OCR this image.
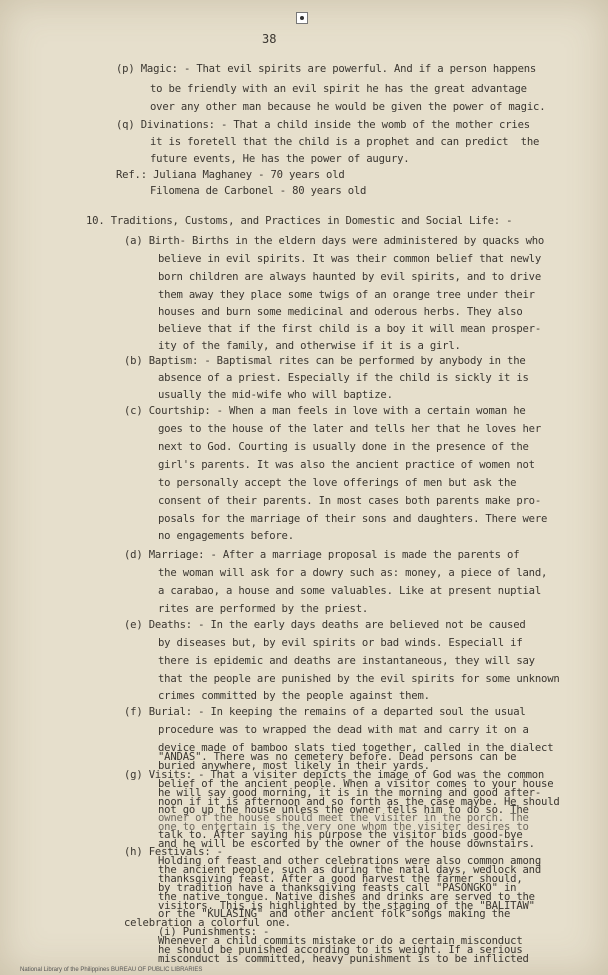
38
(p) Magic: - That evil spirits are powerful. And if a person happens
to be friendly with an evil spirit he has the great advantage
over any other man because he would be given the power of magic.
(q) Divinations: - That a child inside the womb of the mother cries
it is foretell that the child is a prophet and can predict  the
future events, He has the power of augury.
Ref.: Juliana Maghaney - 70 years old
Filomena de Carbonel - 80 years old
10. Traditions, Customs, and Practices in Domestic and Social Life: -
(a) Birth- Births in the eldern days were administered by quacks who
believe in evil spirits. It was their common belief that newly
born children are always haunted by evil spirits, and to drive
them away they place some twigs of an orange tree under their
houses and burn some medicinal and oderous herbs. They also
believe that if the first child is a boy it will mean prosper-
ity of the family, and otherwise if it is a girl.
(b) Baptism: - Baptismal rites can be performed by anybody in the
absence of a priest. Especially if the child is sickly it is
usually the mid-wife who will baptize.
(c) Courtship: - When a man feels in love with a certain woman he
goes to the house of the later and tells her that he loves her
next to God. Courting is usually done in the presence of the
girl's parents. It was also the ancient practice of women not
to personally accept the love offerings of men but ask the
consent of their parents. In most cases both parents make pro-
posals for the marriage of their sons and daughters. There were
no engagements before.
(d) Marriage: - After a marriage proposal is made the parents of
the woman will ask for a dowry such as: money, a piece of land,
a carabao, a house and some valuables. Like at present nuptial
rites are performed by the priest.
(e) Deaths: - In the early days deaths are believed not be caused
by diseases but, by evil spirits or bad winds. Especiall if
there is epidemic and deaths are instantaneous, they will say
that the people are punished by the evil spirits for some unknown
crimes committed by the people against them.
(f) Burial: - In keeping the remains of a departed soul the usual
procedure was to wrapped the dead with mat and carry it on a
device made of bamboo slats tied together, called in the dialect
"ANDAS". There was no cemetery before. Dead persons can be
buried anywhere, most likely in their yards.
(g) Visits: - That a visiter depicts the image of God was the common
belief of the ancient people. When a visitor comes to your house
he will say good morning, it is in the morning and good after-
noon if it is afternoon and so forth as the case maybe. He should
not go up the house unless the owner tells him to do so. The
owner of the house should meet the visiter in the porch. The
one to entertain is the very one whom the visiter desires to
talk to. After saying his purpose the visitor bids good-bye
and he will be escorted by the owner of the house downstairs.
(h) Festivals: -
Holding of feast and other celebrations were also common among
the ancient people, such as during the natal days, wedlock and
thanksgiving feast. After a good harvest the farmer should,
by tradition have a thanksgiving feasts call "PASONGKO" in
the native tongue. Native dishes and drinks are served to the
visitors. This is highlighted by the staging of the "BALITAW"
or the "KULASING" and other ancient folk songs making the
celebration a colorful one.
(i) Punishments: -
Whenever a child commits mistake or do a certain misconduct
he should be punished according to its weight. If a serious
misconduct is committed, heavy punishment is to be inflicted
National Library of the Philippines BUREAU OF PUBLIC LIBRARIES
